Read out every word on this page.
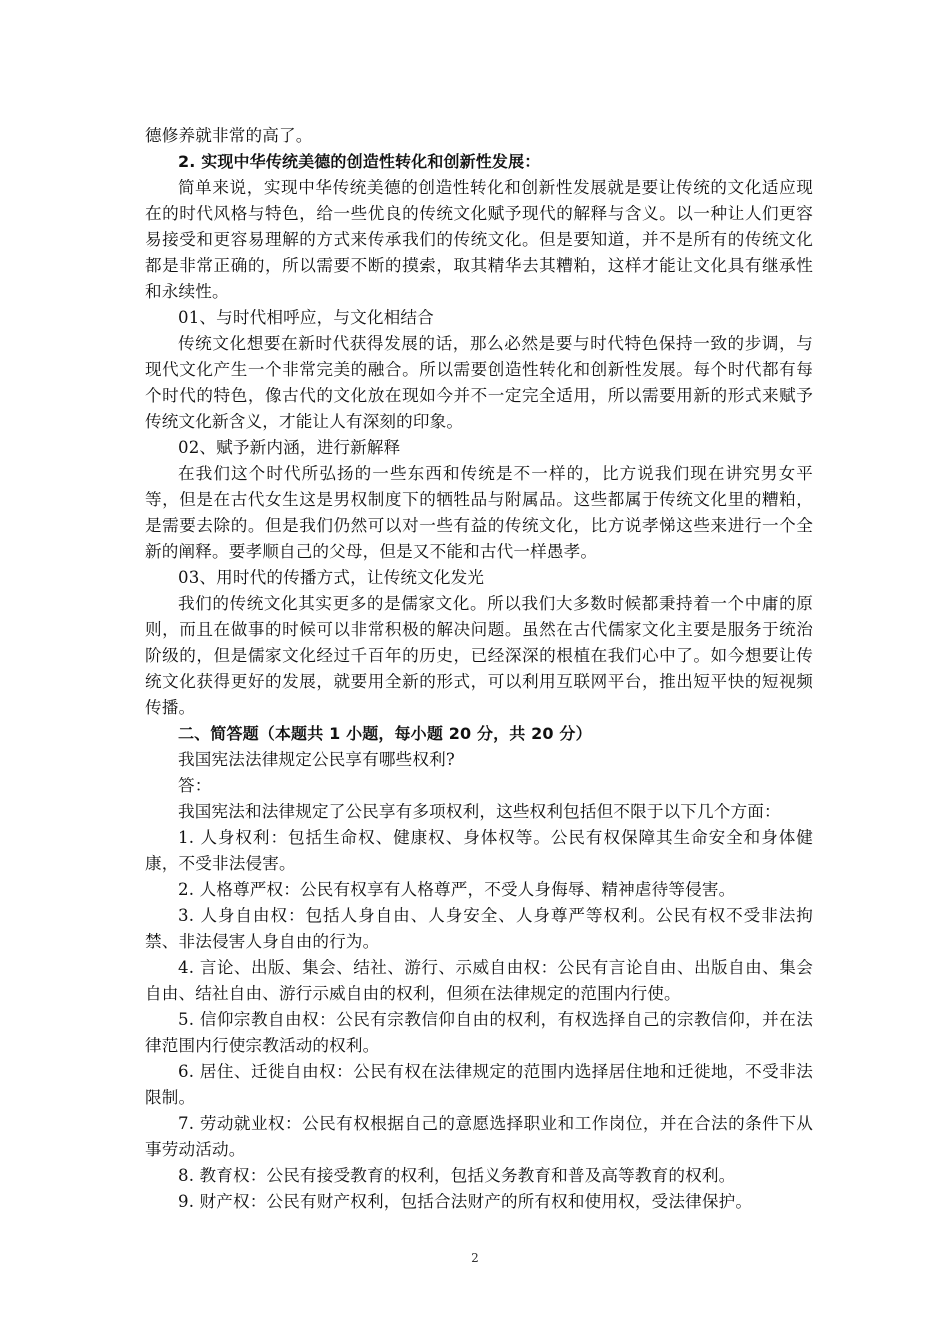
德修养就非常的高了。

2. 实现中华传统美德的创造性转化和创新性发展：

简单来说，实现中华传统美德的创造性转化和创新性发展就是要让传统的文化适应现在的时代风格与特色，给一些优良的传统文化赋予现代的解释与含义。以一种让人们更容易接受和更容易理解的方式来传承我们的传统文化。但是要知道，并不是所有的传统文化都是非常正确的，所以需要不断的摸索，取其精华去其糟粕，这样才能让文化具有继承性和永续性。

01、与时代相呼应，与文化相结合

传统文化想要在新时代获得发展的话，那么必然是要与时代特色保持一致的步调，与现代文化产生一个非常完美的融合。所以需要创造性转化和创新性发展。每个时代都有每个时代的特色，像古代的文化放在现如今并不一定完全适用，所以需要用新的形式来赋予传统文化新含义，才能让人有深刻的印象。

02、赋予新内涵，进行新解释

在我们这个时代所弘扬的一些东西和传统是不一样的，比方说我们现在讲究男女平等，但是在古代女生这是男权制度下的牺牲品与附属品。这些都属于传统文化里的糟粕，是需要去除的。但是我们仍然可以对一些有益的传统文化，比方说孝悌这些来进行一个全新的阐释。要孝顺自己的父母，但是又不能和古代一样愚孝。

03、用时代的传播方式，让传统文化发光

我们的传统文化其实更多的是儒家文化。所以我们大多数时候都秉持着一个中庸的原则，而且在做事的时候可以非常积极的解决问题。虽然在古代儒家文化主要是服务于统治阶级的，但是儒家文化经过千百年的历史，已经深深的根植在我们心中了。如今想要让传统文化获得更好的发展，就要用全新的形式，可以利用互联网平台，推出短平快的短视频传播。

二、简答题（本题共 1 小题，每小题 20 分，共 20 分）

我国宪法法律规定公民享有哪些权利?

答：

我国宪法和法律规定了公民享有多项权利，这些权利包括但不限于以下几个方面：

1. 人身权利：包括生命权、健康权、身体权等。公民有权保障其生命安全和身体健康，不受非法侵害。

2. 人格尊严权：公民有权享有人格尊严，不受人身侮辱、精神虐待等侵害。

3. 人身自由权：包括人身自由、人身安全、人身尊严等权利。公民有权不受非法拘禁、非法侵害人身自由的行为。

4. 言论、出版、集会、结社、游行、示威自由权：公民有言论自由、出版自由、集会自由、结社自由、游行示威自由的权利，但须在法律规定的范围内行使。

5. 信仰宗教自由权：公民有宗教信仰自由的权利，有权选择自己的宗教信仰，并在法律范围内行使宗教活动的权利。

6. 居住、迁徙自由权：公民有权在法律规定的范围内选择居住地和迁徙地，不受非法限制。

7. 劳动就业权：公民有权根据自己的意愿选择职业和工作岗位，并在合法的条件下从事劳动活动。

8. 教育权：公民有接受教育的权利，包括义务教育和普及高等教育的权利。

9. 财产权：公民有财产权利，包括合法财产的所有权和使用权，受法律保护。

2
